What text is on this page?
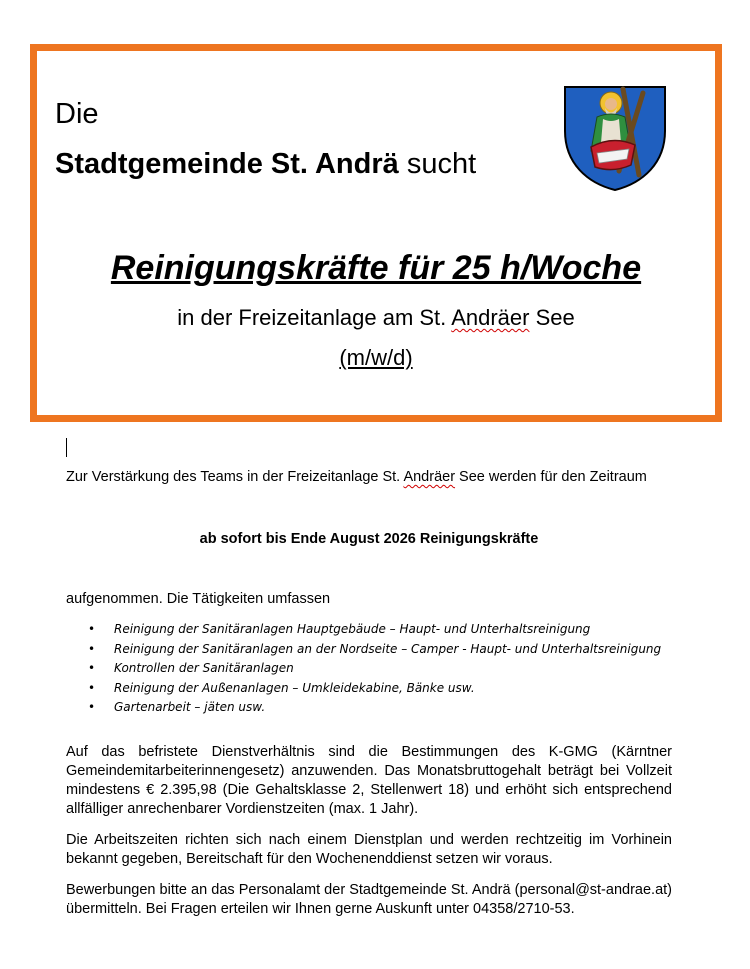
Die
Stadtgemeinde St. Andrä sucht
Reinigungskräfte für 25 h/Woche
in der Freizeitanlage am St. Andräer See
(m/w/d)
Zur Verstärkung des Teams in der Freizeitanlage St. Andräer See werden für den Zeitraum
ab sofort bis Ende August 2026 Reinigungskräfte
aufgenommen. Die Tätigkeiten umfassen
• Reinigung der Sanitäranlagen Hauptgebäude – Haupt- und Unterhaltsreinigung
• Reinigung der Sanitäranlagen an der Nordseite – Camper - Haupt- und Unterhaltsreinigung
• Kontrollen der Sanitäranlagen
• Reinigung der Außenanlagen – Umkleidekabine, Bänke usw.
• Gartenarbeit – jäten usw.
Auf das befristete Dienstverhältnis sind die Bestimmungen des K-GMG (Kärntner Gemeindemitarbeiterinnengesetz) anzuwenden. Das Monatsbruttogehalt beträgt bei Vollzeit mindestens € 2.395,98 (Die Gehaltsklasse 2, Stellenwert 18) und erhöht sich entsprechend allfälliger anrechenbarer Vordienstzeiten (max. 1 Jahr).
Die Arbeitszeiten richten sich nach einem Dienstplan und werden rechtzeitig im Vorhinein bekannt gegeben, Bereitschaft für den Wochenenddienst setzen wir voraus.
Bewerbungen bitte an das Personalamt der Stadtgemeinde St. Andrä (personal@st-andrae.at) übermitteln. Bei Fragen erteilen wir Ihnen gerne Auskunft unter 04358/2710-53.
